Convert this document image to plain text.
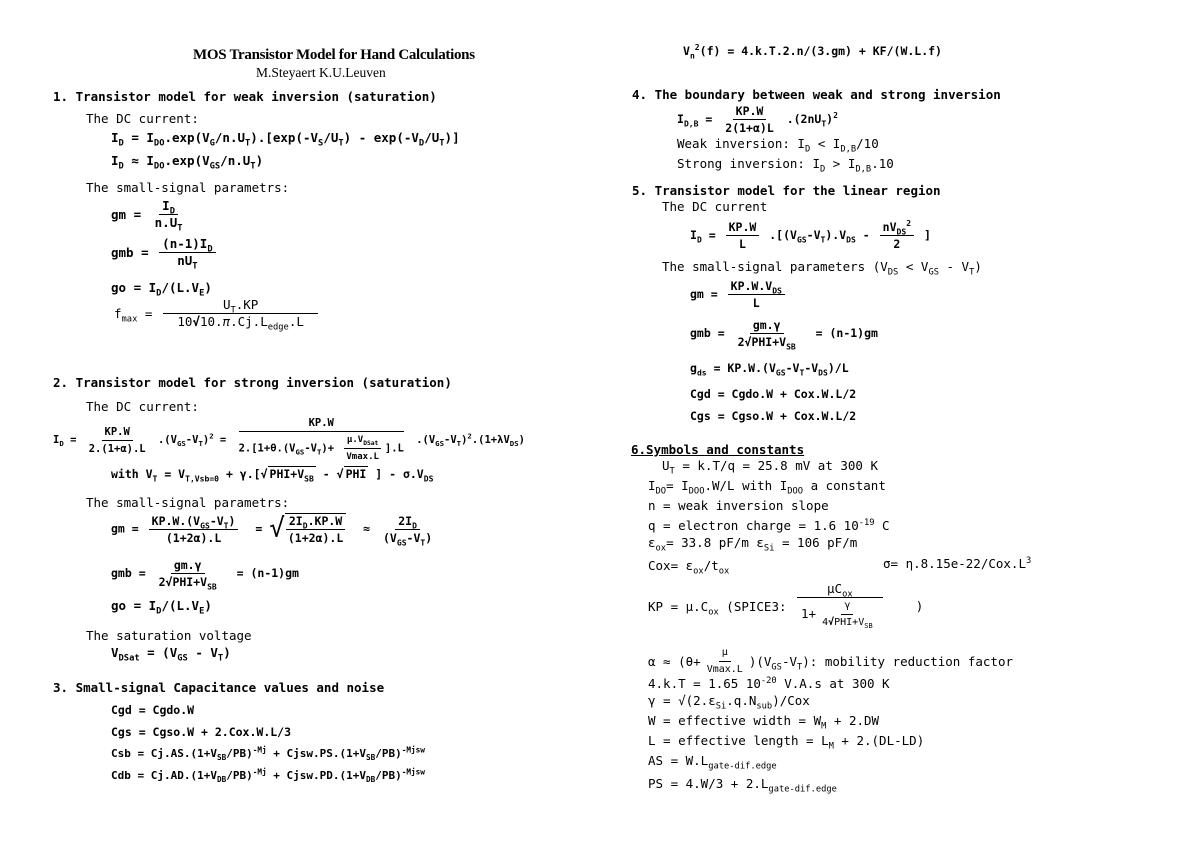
MOS Transistor Model for Hand Calculations
M.Steyaert K.U.Leuven
1. Transistor model for weak inversion (saturation)
The DC current:
$I_D = I_{DO}.\exp(V_G/n.U_T).[\exp(-V_S/U_T) - \exp(-V_D/U_T)]$
$I_D \approx I_{DO}.\exp(V_{GS}/n.U_T)$
The small-signal parametrs:
gm = $\frac{I_D}{n.U_T}$
gmb = $\frac{(n-1)I_D}{nU_T}$
go = $I_D/(L.V_E)$
$f_{max} = \frac{U_T.KP}{10√10.\pi.Cj.L_{edge}.L}$
2. Transistor model for strong inversion (saturation)
The DC current:
$I_D = \frac{KP.W}{2.(1+\alpha).L} .(V_{GS}-V_T)^2 = \frac{KP.W}{2.[1+\theta.(V_{GS}-V_T)+ \frac{\mu.V_{DSat}}{Vmax.L} ].L} .(V_{GS}-V_T)^2.(1+\lambda V_{DS})$
with $V_T = V_{T,Vsb=0} + \gamma.[√$ $PHI+V_{SB}$ - √ PHI ] - $\sigma.V_{DS}$
The small-signal parametrs:
gm = $\frac{KP.W.(V_{GS}-V_T)}{(1+2\alpha).L}$ = √ $\frac{2I_D.KP.W}{(1+2\alpha).L} \approx \frac{2I_D}{(V_{GS}-V_T)}$
gmb = $\frac{gm.\gamma}{2√PHI+V_{SB}} = (n-1)gm$
go = $I_D/(L.V_E)$
The saturation voltage
$V_{DSat} = (V_{GS} - V_T)$
3. Small-signal Capacitance values and noise
Cgd = Cgdo.W
Cgs = Cgso.W + 2.Cox.W.L/3
Csb = $Cj.AS.(1+V_{SB}/PB)^{-Mj}$ + $Cjsw.PS.(1+V_{SB}/PB)^{-Mjsw}$
Cdb = $Cj.AD.(1+V_{DB}/PB)^{-Mj}$ + $Cjsw.PD.(1+V_{DB}/PB)^{-Mjsw}$
$V_n^2(f) = 4.k.T.2.n/(3.gm) + KF/(W.L.f)$
4. The boundary between weak and strong inversion
$I_{D,B} = \frac{KP.W}{2(1+\alpha)L} .(2nU_T)^2$
Weak inversion: $I_D < I_{D,B}/10$
Strong inversion: $I_D > I_{D,B}.10$
5. Transistor model for the linear region
The DC current
$I_D = \frac{KP.W}{L} .[(V_{GS}-V_T).V_{DS} - \frac{nV_{DS}^2}{2}$ ]
The small-signal parameters $(V_{DS} < V_{GS} - V_T)$
gm = $\frac{KP.W.V_{DS}}{L}$
gmb = $\frac{gm.\gamma}{2√PHI+V_{SB}} = (n-1)gm$
$g_{ds} = KP.W.(V_{GS}-V_T-V_{DS})/L$
Cgd = Cgdo.W + Cox.W.L/2
Cgs = Cgso.W + Cox.W.L/2
6.Symbols and constants
$U_T = k.T/q = 25.8$ mV at 300 K
$I_{DO}= I_{DOO}.W/L$ with $I_{DOO}$ a constant
n = weak inversion slope
q = electron charge = 1.6 $10^{-19}$ C
$\varepsilon_{ox}= 33.8$ pF/m $\varepsilon_{Si} = 106$ pF/m
$Cox= \varepsilon_{ox}/t_{ox}$
$\sigma= \eta.8.15e-22/Cox.L^3$
KP = $\mu.C_{ox}$ (SPICE3: $\frac{\mu C_{ox}}{1+ \frac{\gamma}{4√PHI+V_{SB}}}$ )
$\alpha \approx (\theta+ \frac{\mu}{Vmax.L} )(V_{GS}-V_T)$: mobility reduction factor
4.k.T = 1.65 $10^{-20}$ V.A.s at 300 K
$\gamma = √(2.\varepsilon_{Si}.q.N_{sub})$/Cox
W = effective width = $W_M + 2.DW$
L = effective length = $L_M + 2.(DL-LD)$
AS = $W.L_{gate-dif.edge}$
PS = $4.W/3 + 2.L_{gate-dif.edge}$
